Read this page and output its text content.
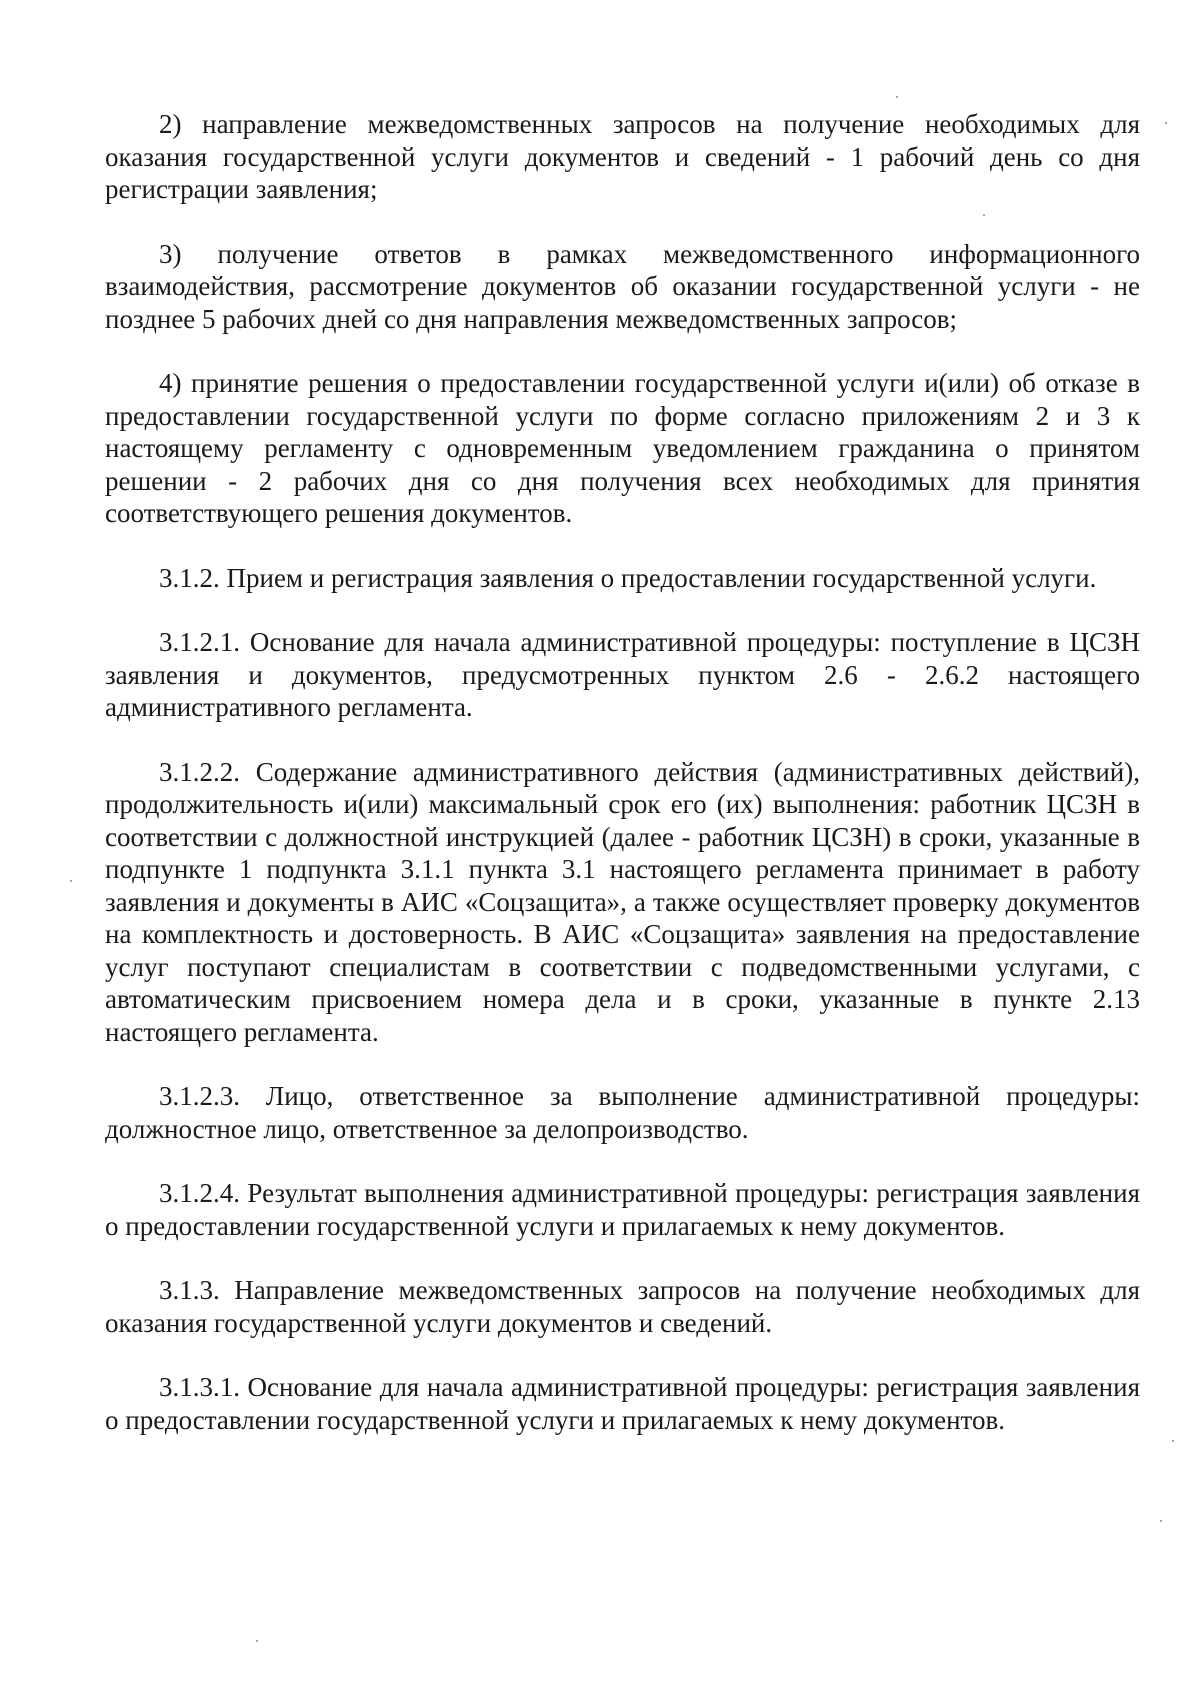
2) направление межведомственных запросов на получение необходимых для оказания государственной услуги документов и сведений - 1 рабочий день со дня регистрации заявления;

3) получение ответов в рамках межведомственного информационного взаимодействия, рассмотрение документов об оказании государственной услуги - не позднее 5 рабочих дней со дня направления межведомственных запросов;

4) принятие решения о предоставлении государственной услуги и(или) об отказе в предоставлении государственной услуги по форме согласно приложениям 2 и 3 к настоящему регламенту с одновременным уведомлением гражданина о принятом решении - 2 рабочих дня со дня получения всех необходимых для принятия соответствующего решения документов.

3.1.2. Прием и регистрация заявления о предоставлении государственной услуги.

3.1.2.1. Основание для начала административной процедуры: поступление в ЦСЗН заявления и документов, предусмотренных пунктом 2.6 - 2.6.2 настоящего административного регламента.

3.1.2.2. Содержание административного действия (административных действий), продолжительность и(или) максимальный срок его (их) выполнения: работник ЦСЗН в соответствии с должностной инструкцией (далее - работник ЦСЗН) в сроки, указанные в подпункте 1 подпункта 3.1.1 пункта 3.1 настоящего регламента принимает в работу заявления и документы в АИС «Соцзащита», а также осуществляет проверку документов на комплектность и достоверность. В АИС «Соцзащита» заявления на предоставление услуг поступают специалистам в соответствии с подведомственными услугами, с автоматическим присвоением номера дела и в сроки, указанные в пункте 2.13 настоящего регламента.

3.1.2.3. Лицо, ответственное за выполнение административной процедуры: должностное лицо, ответственное за делопроизводство.

3.1.2.4. Результат выполнения административной процедуры: регистрация заявления о предоставлении государственной услуги и прилагаемых к нему документов.

3.1.3. Направление межведомственных запросов на получение необходимых для оказания государственной услуги документов и сведений.

3.1.3.1. Основание для начала административной процедуры: регистрация заявления о предоставлении государственной услуги и прилагаемых к нему документов.
